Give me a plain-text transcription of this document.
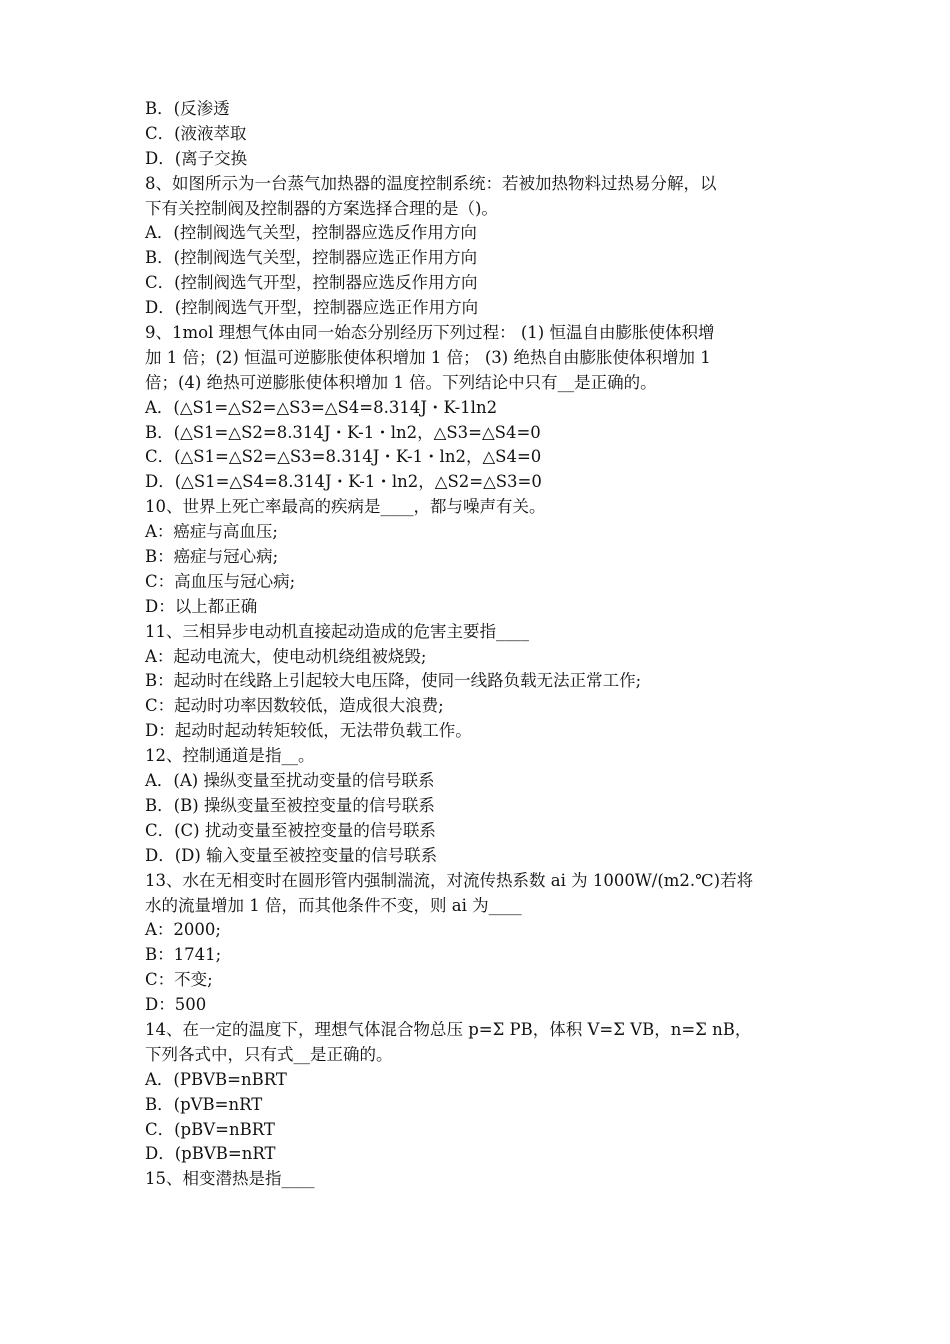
B．(反渗透
C．(液液萃取
D．(离子交换
8、如图所示为一台蒸气加热器的温度控制系统：若被加热物料过热易分解，以
下有关控制阀及控制器的方案选择合理的是（)。
A．(控制阀选气关型，控制器应选反作用方向
B．(控制阀选气关型，控制器应选正作用方向
C．(控制阀选气开型，控制器应选反作用方向
D．(控制阀选气开型，控制器应选正作用方向
9、1mol 理想气体由同一始态分别经历下列过程： (1) 恒温自由膨胀使体积增
加 1 倍；(2) 恒温可逆膨胀使体积增加 1 倍； (3) 绝热自由膨胀使体积增加 1
倍；(4) 绝热可逆膨胀使体积增加 1 倍。下列结论中只有__是正确的。
A．(△S1=△S2=△S3=△S4=8.314J・K-1ln2
B．(△S1=△S2=8.314J・K-1・ln2，△S3=△S4=0
C．(△S1=△S2=△S3=8.314J・K-1・ln2，△S4=0
D．(△S1=△S4=8.314J・K-1・ln2，△S2=△S3=0
10、世界上死亡率最高的疾病是____，都与噪声有关。
A：癌症与高血压;
B：癌症与冠心病;
C：高血压与冠心病;
D：以上都正确
11、三相异步电动机直接起动造成的危害主要指____
A：起动电流大，使电动机绕组被烧毁;
B：起动时在线路上引起较大电压降，使同一线路负载无法正常工作;
C：起动时功率因数较低，造成很大浪费;
D：起动时起动转矩较低，无法带负载工作。
12、控制通道是指__。
A．(A) 操纵变量至扰动变量的信号联系
B．(B) 操纵变量至被控变量的信号联系
C．(C) 扰动变量至被控变量的信号联系
D．(D) 输入变量至被控变量的信号联系
13、水在无相变时在圆形管内强制湍流，对流传热系数 ai 为 1000W/(m2.℃)若将
水的流量增加 1 倍，而其他条件不变，则 ai 为____
A：2000;
B：1741;
C：不变;
D：500
14、在一定的温度下，理想气体混合物总压 p=Σ PB，体积 V=Σ VB，n=Σ nB，
下列各式中，只有式__是正确的。
A．(PBVB=nBRT
B．(pVB=nRT
C．(pBV=nBRT
D．(pBVB=nRT
15、相变潜热是指____
